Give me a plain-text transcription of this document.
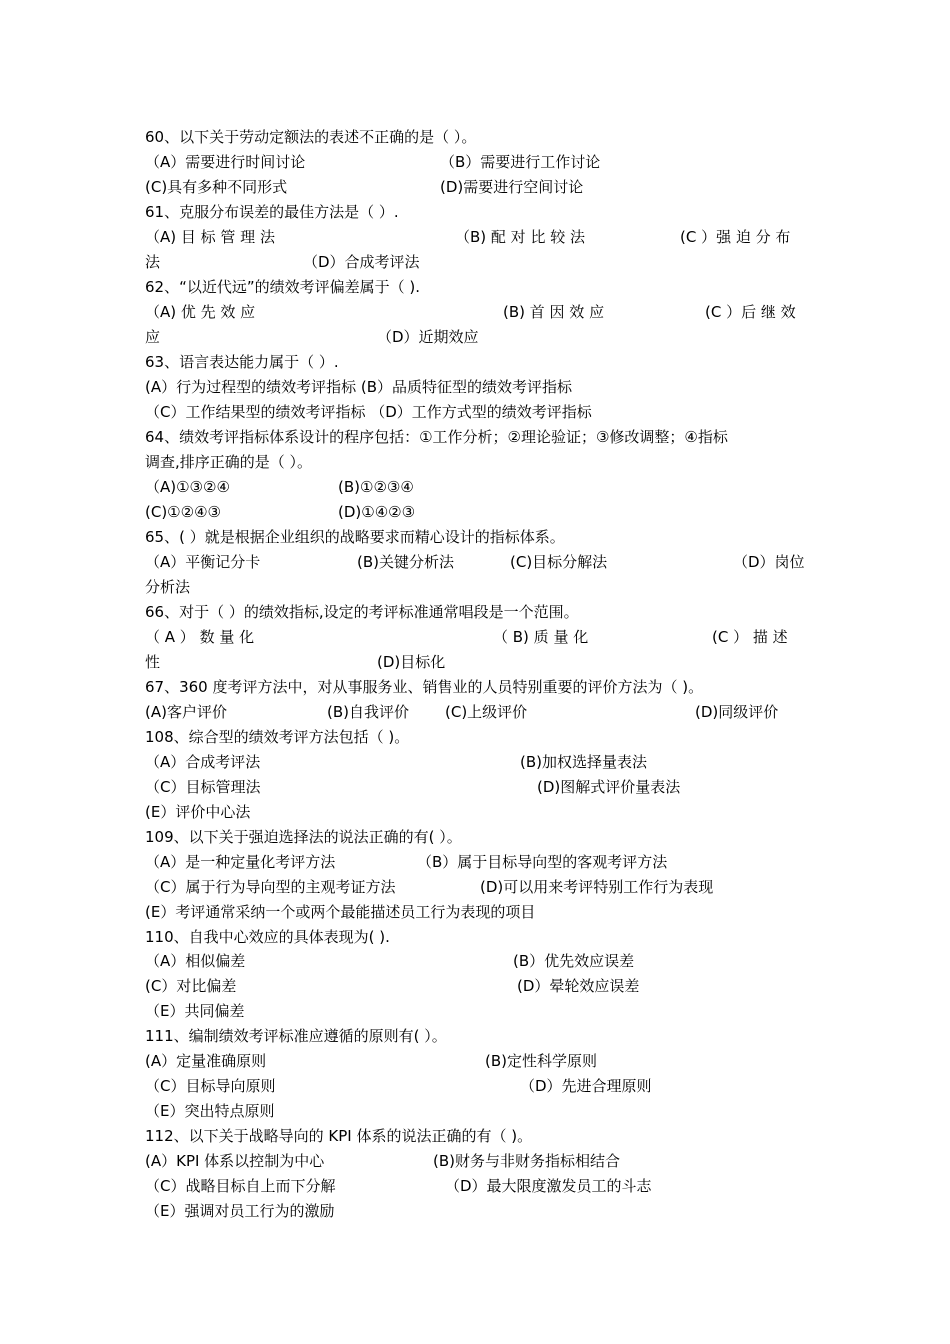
60、以下关于劳动定额法的表述不正确的是（ ）。
（A）需要进行时间讨论	（B）需要进行工作讨论
(C)具有多种不同形式	(D)需要进行空间讨论
61、克服分布误差的最佳方法是（ ）.
（A) 目 标 管 理 法	（B) 配 对 比 较 法	(C ）强 迫 分 布
法	（D）合成考评法
62、“以近代远”的绩效考评偏差属于（ ).
（A) 优 先 效 应	(B) 首 因 效 应	(C ）后 继 效
应	（D）近期效应
63、语言表达能力属于（ ）.
(A）行为过程型的绩效考评指标 (B）品质特征型的绩效考评指标
（C）工作结果型的绩效考评指标 （D）工作方式型的绩效考评指标
64、绩效考评指标体系设计的程序包括：①工作分析；②理论验证；③修改调整；④指标
调查,排序正确的是（ ）。
（A)①③②④	(B)①②③④
(C)①②④③	(D)①④②③
65、( ）就是根据企业组织的战略要求而精心设计的指标体系。
（A）平衡记分卡	(B)关键分析法	(C)目标分解法	（D）岗位
分析法
66、对于（ ）的绩效指标,设定的考评标准通常唱段是一个范围。
（ A ） 数 量 化	（ B) 质 量 化	(C ） 描 述
性	(D)目标化
67、360 度考评方法中，对从事服务业、销售业的人员特别重要的评价方法为（ )。
(A)客户评价	(B)自我评价 (C)上级评价	(D)同级评价
108、综合型的绩效考评方法包括（ )。
（A）合成考评法	(B)加权选择量表法
（C）目标管理法	(D)图解式评价量表法
(E）评价中心法
109、以下关于强迫选择法的说法正确的有( ）。
（A）是一种定量化考评方法	（B）属于目标导向型的客观考评方法
（C）属于行为导向型的主观考证方法	(D)可以用来考评特别工作行为表现
(E）考评通常采纳一个或两个最能描述员工行为表现的项目
110、自我中心效应的具体表现为( ).
（A）相似偏差	(B）优先效应误差
(C）对比偏差	(D）晕轮效应误差
（E）共同偏差
111、编制绩效考评标准应遵循的原则有( ）。
(A）定量准确原则	(B)定性科学原则
（C）目标导向原则	（D）先进合理原则
（E）突出特点原则
112、以下关于战略导向的 KPI 体系的说法正确的有（ )。
(A）KPI 体系以控制为中心	(B)财务与非财务指标相结合
（C）战略目标自上而下分解	（D）最大限度激发员工的斗志
（E）强调对员工行为的激励
